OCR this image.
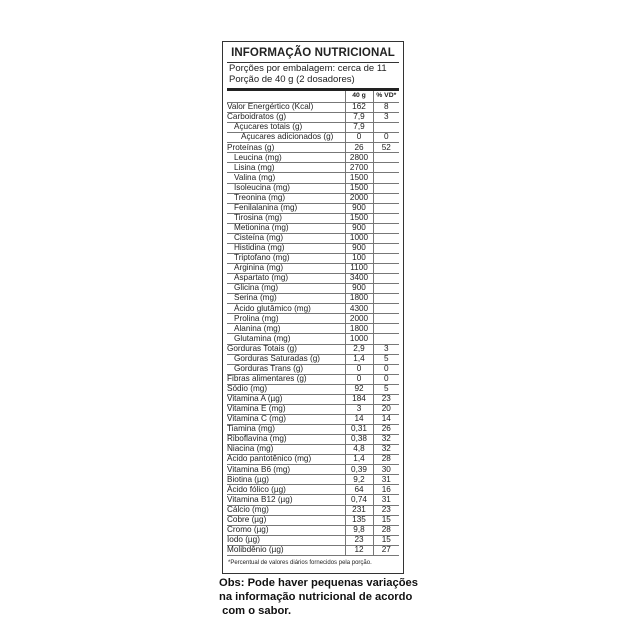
INFORMAÇÃO NUTRICIONAL
Porções por embalagem: cerca de 11
Porção de 40 g (2 dosadores)
	40 g	% VD*
Valor Energértico (Kcal)	162	8
Carboidratos (g)	7,9	3
Açucares totais (g)	7,9	
Açucares adicionados (g)	0	0
Proteínas (g)	26	52
Leucina (mg)	2800	
Lisina (mg)	2700	
Valina (mg)	1500	
Isoleucina (mg)	1500	
Treonina (mg)	2000	
Fenilalanina (mg)	900	
Tirosina (mg)	1500	
Metionina (mg)	900	
Cisteína (mg)	1000	
Histidina (mg)	900	
Triptofano (mg)	100	
Arginina (mg)	1100	
Aspartato (mg)	3400	
Glicina (mg)	900	
Serina (mg)	1800	
Ácido glutâmico (mg)	4300	
Prolina (mg)	2000	
Alanina (mg)	1800	
Glutamina (mg)	1000	
Gorduras Totais (g)	2,9	3
Gorduras Saturadas (g)	1,4	5
Gorduras Trans (g)	0	0
Fibras alimentares (g)	0	0
Sódio (mg)	92	5
Vitamina A (µg)	184	23
Vitamina E (mg)	3	20
Vitamina C (mg)	14	14
Tiamina (mg)	0,31	26
Riboflavina (mg)	0,38	32
Niacina (mg)	4,8	32
Ácido pantotênico (mg)	1,4	28
Vitamina B6 (mg)	0,39	30
Biotina (µg)	9,2	31
Ácido fólico (µg)	64	16
Vitamina B12 (µg)	0,74	31
Cálcio (mg)	231	23
Cobre (µg)	135	15
Cromo (µg)	9,8	28
Iodo (µg)	23	15
Molibdênio (µg)	12	27
*Percentual de valores diários fornecidos pela porção.
Obs: Pode haver pequenas variações
na informação nutricional de acordo
com o sabor.
